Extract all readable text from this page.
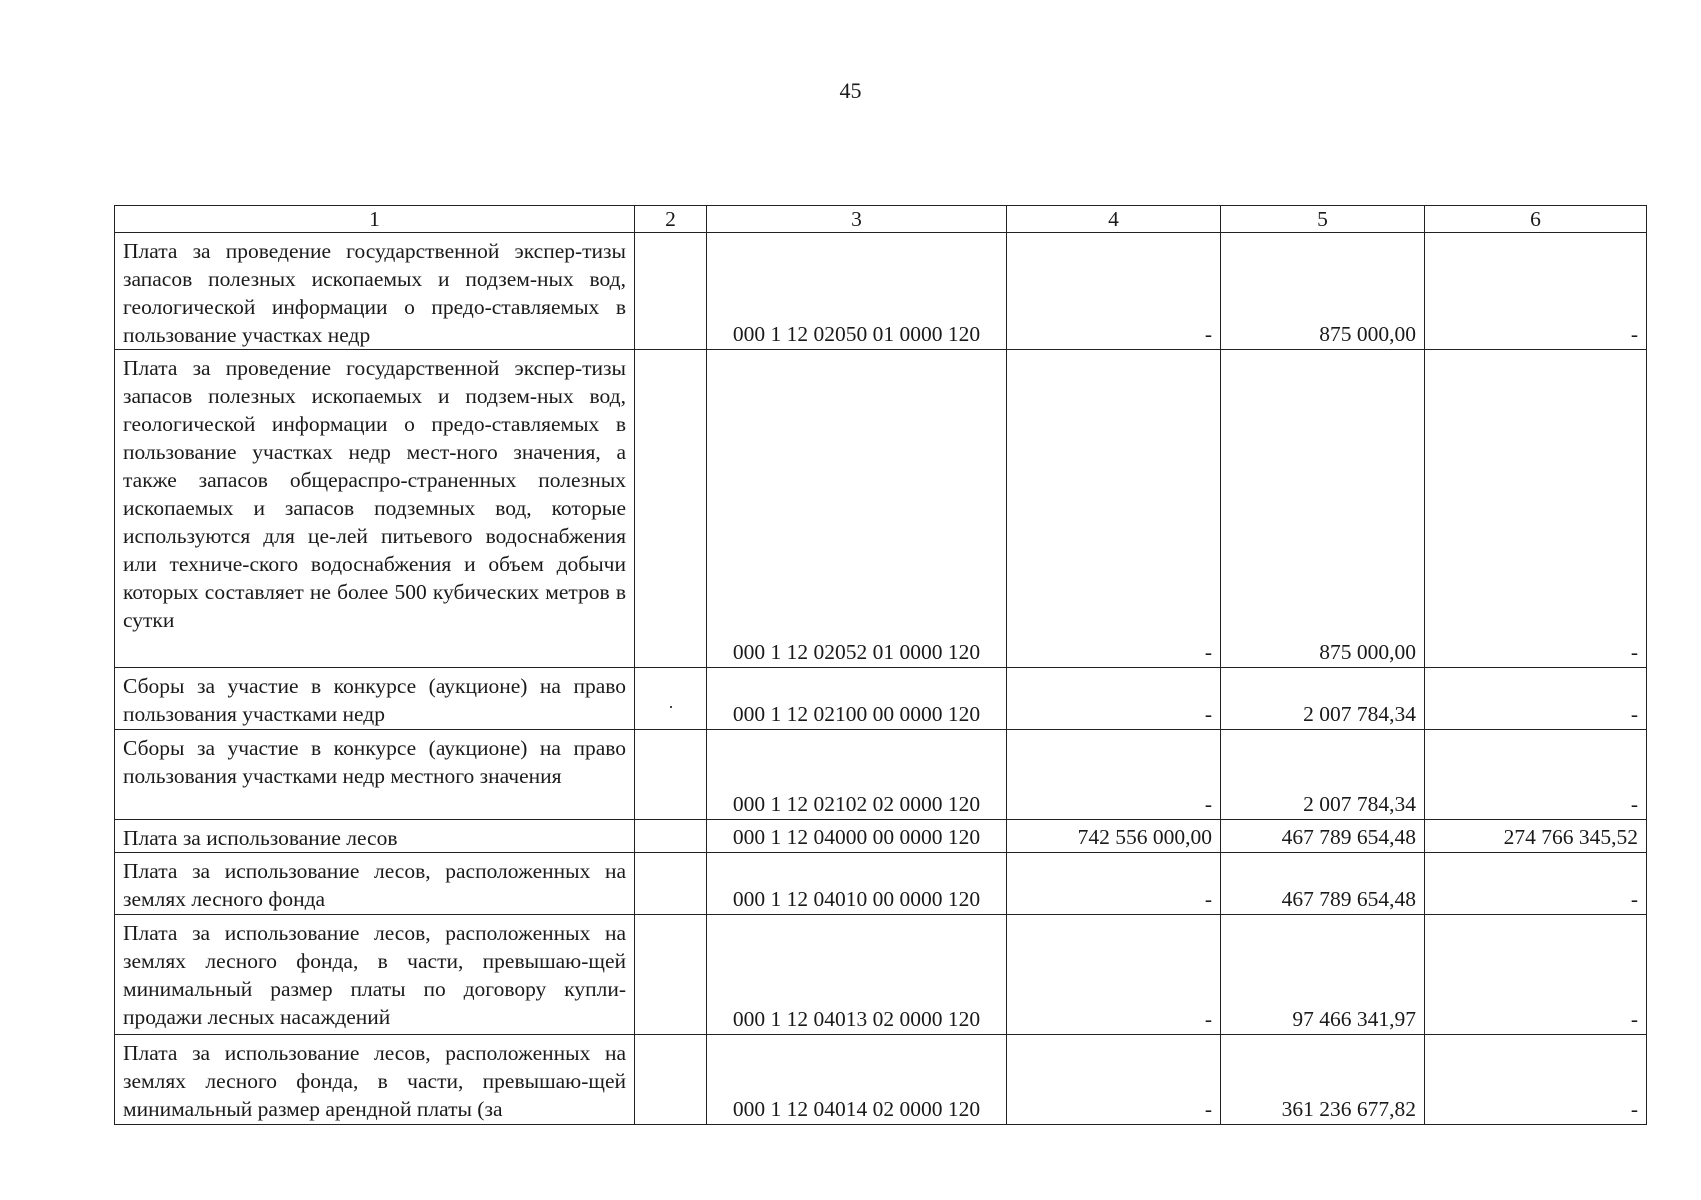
45
1	2	3	4	5	6
Плата за проведение государственной экспер-тизы запасов полезных ископаемых и подзем-ных вод, геологической информации о предо-ставляемых в пользование участках недр		000 1 12 02050 01 0000 120	-	875 000,00	-
Плата за проведение государственной экспер-тизы запасов полезных ископаемых и подзем-ных вод, геологической информации о предо-ставляемых в пользование участках недр мест-ного значения, а также запасов общераспро-страненных полезных ископаемых и запасов подземных вод, которые используются для це-лей питьевого водоснабжения или техниче-ского водоснабжения и объем добычи которых составляет не более 500 кубических метров в сутки		000 1 12 02052 01 0000 120	-	875 000,00	-
Сборы за участие в конкурсе (аукционе) на право пользования участками недр		000 1 12 02100 00 0000 120	-	2 007 784,34	-
Сборы за участие в конкурсе (аукционе) на право пользования участками недр местного значения		000 1 12 02102 02 0000 120	-	2 007 784,34	-
Плата за использование лесов		000 1 12 04000 00 0000 120	742 556 000,00	467 789 654,48	274 766 345,52
Плата за использование лесов, расположенных на землях лесного фонда		000 1 12 04010 00 0000 120	-	467 789 654,48	-
Плата за использование лесов, расположенных на землях лесного фонда, в части, превышаю-щей минимальный размер платы по договору купли-продажи лесных насаждений		000 1 12 04013 02 0000 120	-	97 466 341,97	-
Плата за использование лесов, расположенных на землях лесного фонда, в части, превышаю-щей минимальный размер арендной платы (за		000 1 12 04014 02 0000 120	-	361 236 677,82	-
